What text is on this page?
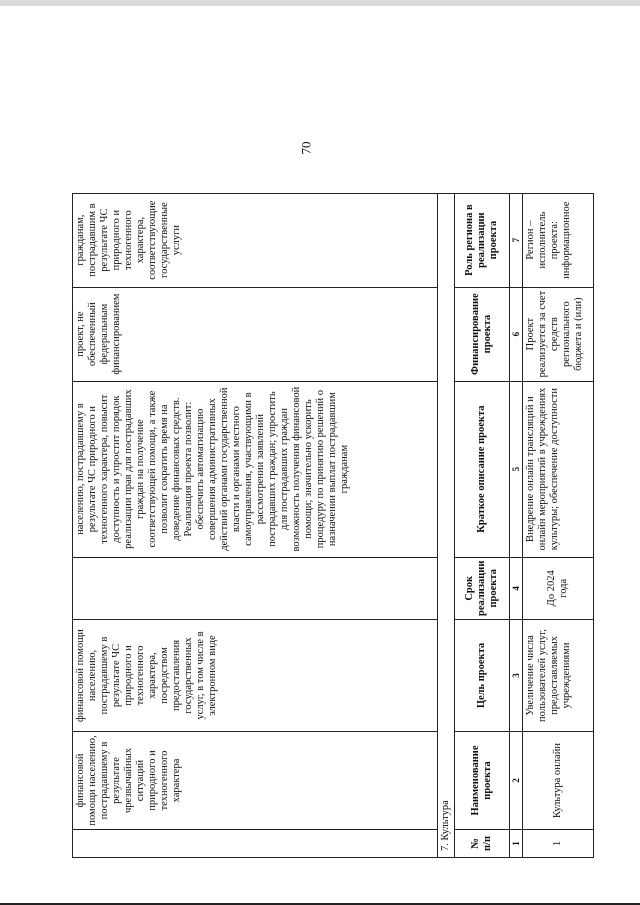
70
	финансовой помощи населению, пострадавшему в результате чрезвычайных ситуаций природного и техногенного характера	финансовой помощи населению, пострадавшему в результате ЧС природного и техногенного характера, посредством предоставления государственных услуг, в том числе в электронном виде		населению, пострадавшему в результате ЧС природного и техногенного характера, повысит доступность и упростит порядок реализации прав для пострадавших граждан на получение соответствующей помощи, а также позволит сократить время на доведение финансовых средств. Реализация проекта позволит: обеспечить автоматизацию совершения административных действий органами государственной власти и органами местного самоуправления, участвующими в рассмотрении заявлений пострадавших граждан; упростить для пострадавших граждан возможность получения финансовой помощи; значительно ускорить процедуру по принятию решений о назначении выплат пострадавшим гражданам	проект, не обеспеченный федеральным финансированием	гражданам, пострадавшим в результате ЧС природного и техногенного характера, соответствующие государственные услуги
7. Культура						
№ п/п	Наименование проекта	Цель проекта	Срок реализации проекта	Краткое описание проекта	Финансирование проекта	Роль региона в реализации проекта
1	2	3	4	5	6	7
1	Культура онлайн	Увеличение числа пользователей услуг, предоставляемых учреждениями	До 2024 года	Внедрение онлайн трансляций и онлайн мероприятий в учреждениях культуры; обеспечение доступности	Проект реализуется за счет средств регионального бюджета и (или)	Регион – исполнитель проекта: информационное
